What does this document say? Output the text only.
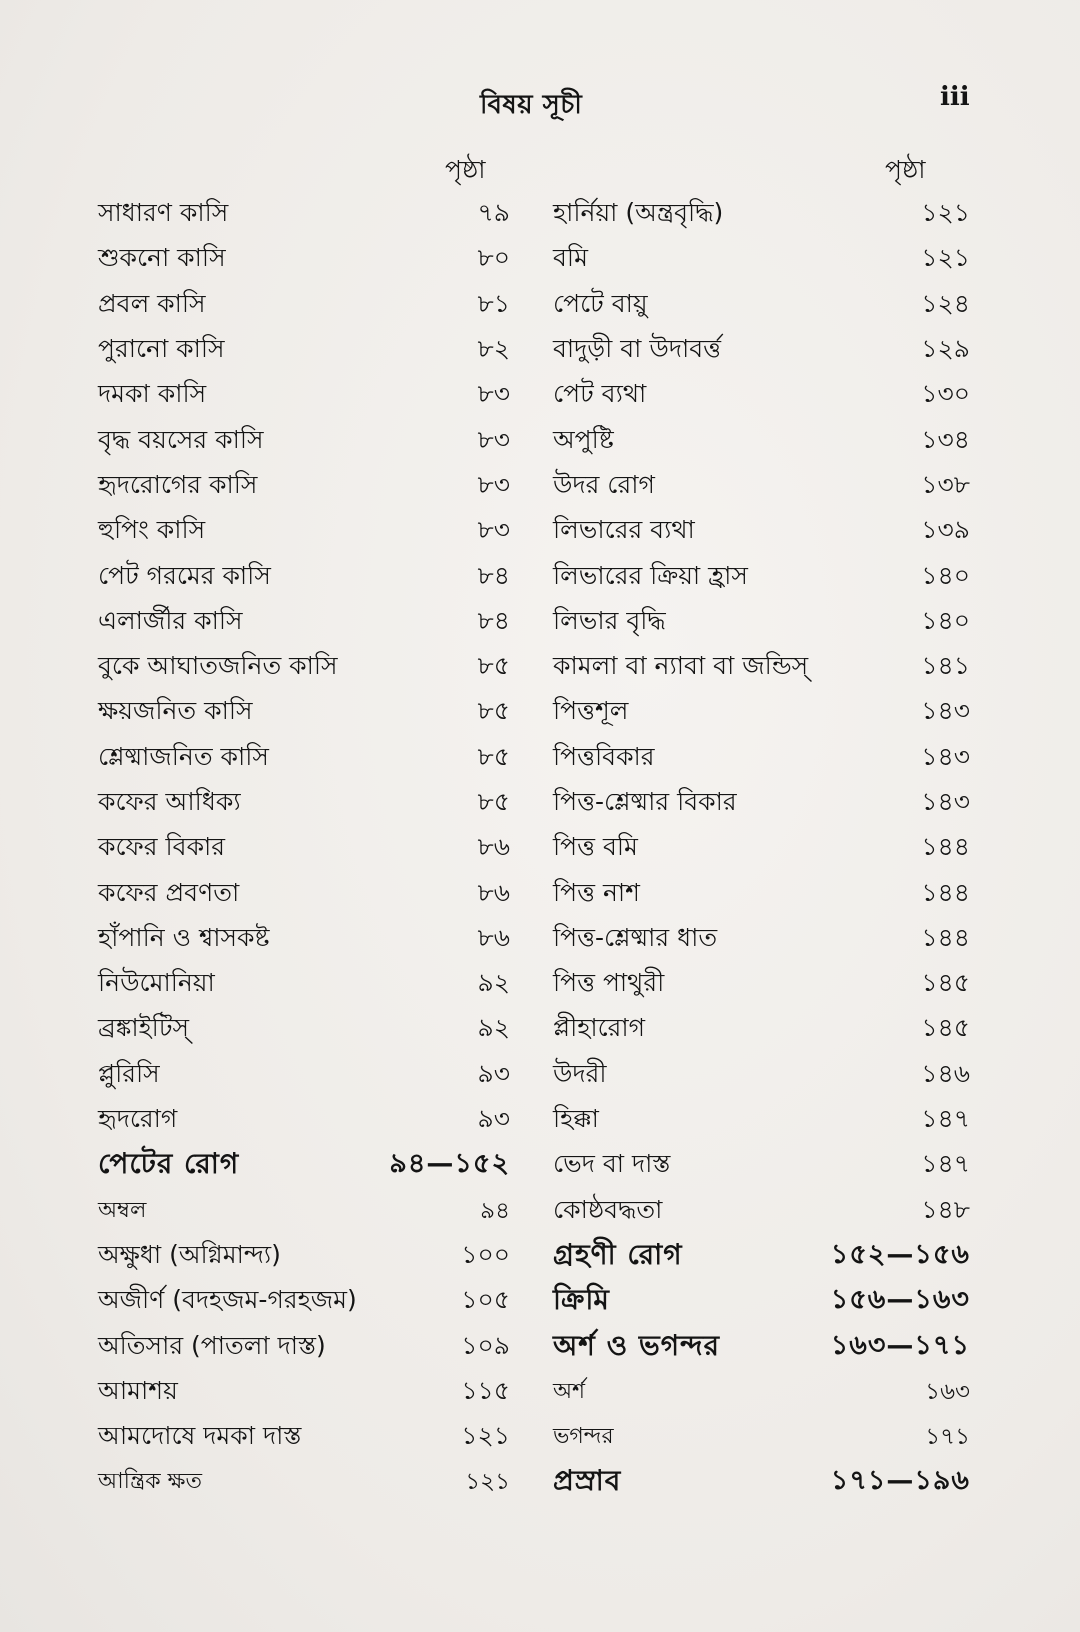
বিষয় সূচী	iii
পৃষ্ঠা	পৃষ্ঠা
সাধারণ কাসি	৭৯
শুকনো কাসি	৮০
প্রবল কাসি	৮১
পুরানো কাসি	৮২
দমকা কাসি	৮৩
বৃদ্ধ বয়সের কাসি	৮৩
হৃদরোগের কাসি	৮৩
হুপিং কাসি	৮৩
পেট গরমের কাসি	৮৪
এলার্জীর কাসি	৮৪
বুকে আঘাতজনিত কাসি	৮৫
ক্ষয়জনিত কাসি	৮৫
শ্লেষ্মাজনিত কাসি	৮৫
কফের আধিক্য	৮৫
কফের বিকার	৮৬
কফের প্রবণতা	৮৬
হাঁপানি ও শ্বাসকষ্ট	৮৬
নিউমোনিয়া	৯২
ব্রঙ্কাইটিস্	৯২
প্লুরিসি	৯৩
হৃদরোগ	৯৩
পেটের রোগ	৯৪—১৫২
অম্বল	৯৪
অক্ষুধা (অগ্নিমান্দ্য)	১০০
অজীর্ণ (বদহজম-গরহজম)	১০৫
অতিসার (পাতলা দাস্ত)	১০৯
আমাশয়	১১৫
আমদোষে দমকা দাস্ত	১২১
আন্ত্রিক ক্ষত	১২১
হার্নিয়া (অন্ত্রবৃদ্ধি)	১২১
বমি	১২১
পেটে বায়ু	১২৪
বাদুড়ী বা উদাবর্ত্ত	১২৯
পেট ব্যথা	১৩০
অপুষ্টি	১৩৪
উদর রোগ	১৩৮
লিভারের ব্যথা	১৩৯
লিভারের ক্রিয়া হ্রাস	১৪০
লিভার বৃদ্ধি	১৪০
কামলা বা ন্যাবা বা জন্ডিস্	১৪১
পিত্তশূল	১৪৩
পিত্তবিকার	১৪৩
পিত্ত-শ্লেষ্মার বিকার	১৪৩
পিত্ত বমি	১৪৪
পিত্ত নাশ	১৪৪
পিত্ত-শ্লেষ্মার ধাত	১৪৪
পিত্ত পাথুরী	১৪৫
প্লীহারোগ	১৪৫
উদরী	১৪৬
হিক্কা	১৪৭
ভেদ বা দাস্ত	১৪৭
কোষ্ঠবদ্ধতা	১৪৮
গ্রহণী রোগ	১৫২—১৫৬
ক্রিমি	১৫৬—১৬৩
অর্শ ও ভগন্দর	১৬৩—১৭১
অর্শ	১৬৩
ভগন্দর	১৭১
প্রস্রাব	১৭১—১৯৬
